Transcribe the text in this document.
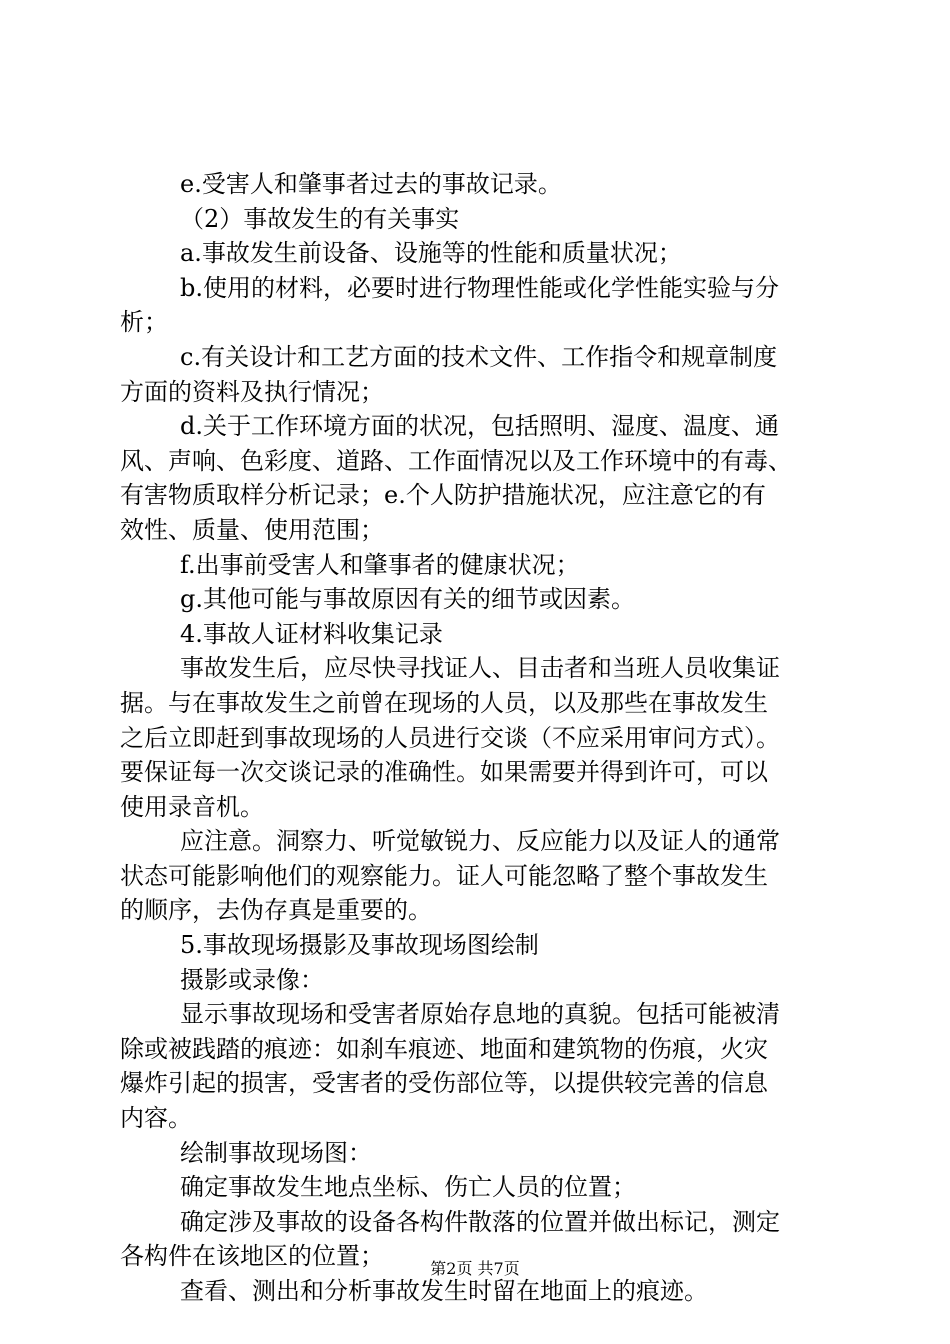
e.受害人和肇事者过去的事故记录。
（2）事故发生的有关事实
a.事故发生前设备、设施等的性能和质量状况；
b.使用的材料，必要时进行物理性能或化学性能实验与分
析；
c.有关设计和工艺方面的技术文件、工作指令和规章制度
方面的资料及执行情况；
d.关于工作环境方面的状况，包括照明、湿度、温度、通
风、声响、色彩度、道路、工作面情况以及工作环境中的有毒、
有害物质取样分析记录；e.个人防护措施状况，应注意它的有
效性、质量、使用范围；
f.出事前受害人和肇事者的健康状况；
g.其他可能与事故原因有关的细节或因素。
4.事故人证材料收集记录
事故发生后，应尽快寻找证人、目击者和当班人员收集证
据。与在事故发生之前曾在现场的人员，以及那些在事故发生
之后立即赶到事故现场的人员进行交谈（不应采用审问方式）。
要保证每一次交谈记录的准确性。如果需要并得到许可，可以
使用录音机。
应注意。洞察力、听觉敏锐力、反应能力以及证人的通常
状态可能影响他们的观察能力。证人可能忽略了整个事故发生
的顺序，去伪存真是重要的。
5.事故现场摄影及事故现场图绘制
摄影或录像：
显示事故现场和受害者原始存息地的真貌。包括可能被清
除或被践踏的痕迹：如刹车痕迹、地面和建筑物的伤痕，火灾
爆炸引起的损害，受害者的受伤部位等，以提供较完善的信息
内容。
绘制事故现场图：
确定事故发生地点坐标、伤亡人员的位置；
确定涉及事故的设备各构件散落的位置并做出标记，测定
各构件在该地区的位置；
查看、测出和分析事故发生时留在地面上的痕迹。
第2页 共7页
